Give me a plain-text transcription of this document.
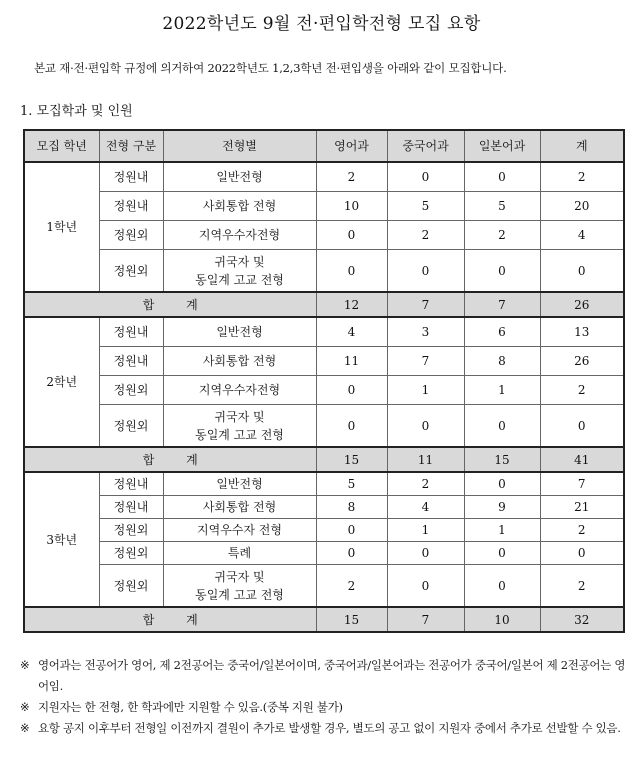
2022학년도 9월 전·편입학전형 모집 요항
본교 재·전·편입학 규정에 의거하여 2022학년도 1,2,3학년 전·편입생을 아래와 같이 모집합니다.
1. 모집학과 및 인원
모집 학년	전형 구분	전형별	영어과	중국어과	일본어과	계
1학년	정원내	일반전형	2	0	0	2
	정원내	사회통합 전형	10	5	5	20
	정원외	지역우수자전형	0	2	2	4
	정원외	귀국자 및
동일계 고교 전형	0	0	0	0
합 계			12	7	7	26
2학년	정원내	일반전형	4	3	6	13
	정원내	사회통합 전형	11	7	8	26
	정원외	지역우수자전형	0	1	1	2
	정원외	귀국자 및
동일계 고교 전형	0	0	0	0
합 계			15	11	15	41
3학년	정원내	일반전형	5	2	0	7
	정원내	사회통합 전형	8	4	9	21
	정원외	지역우수자 전형	0	1	1	2
	정원외	특례	0	0	0	0
	정원외	귀국자 및
동일계 고교 전형	2	0	0	2
합 계			15	7	10	32
※ 영어과는 전공어가 영어, 제 2전공어는 중국어/일본어이며, 중국어과/일본어과는 전공어가 중국어/일본어 제 2전공어는 영어임.
※ 지원자는 한 전형, 한 학과에만 지원할 수 있음.(중복 지원 불가)
※ 요항 공지 이후부터 전형일 이전까지 결원이 추가로 발생할 경우, 별도의 공고 없이 지원자 중에서 추가로 선발할 수 있음.
